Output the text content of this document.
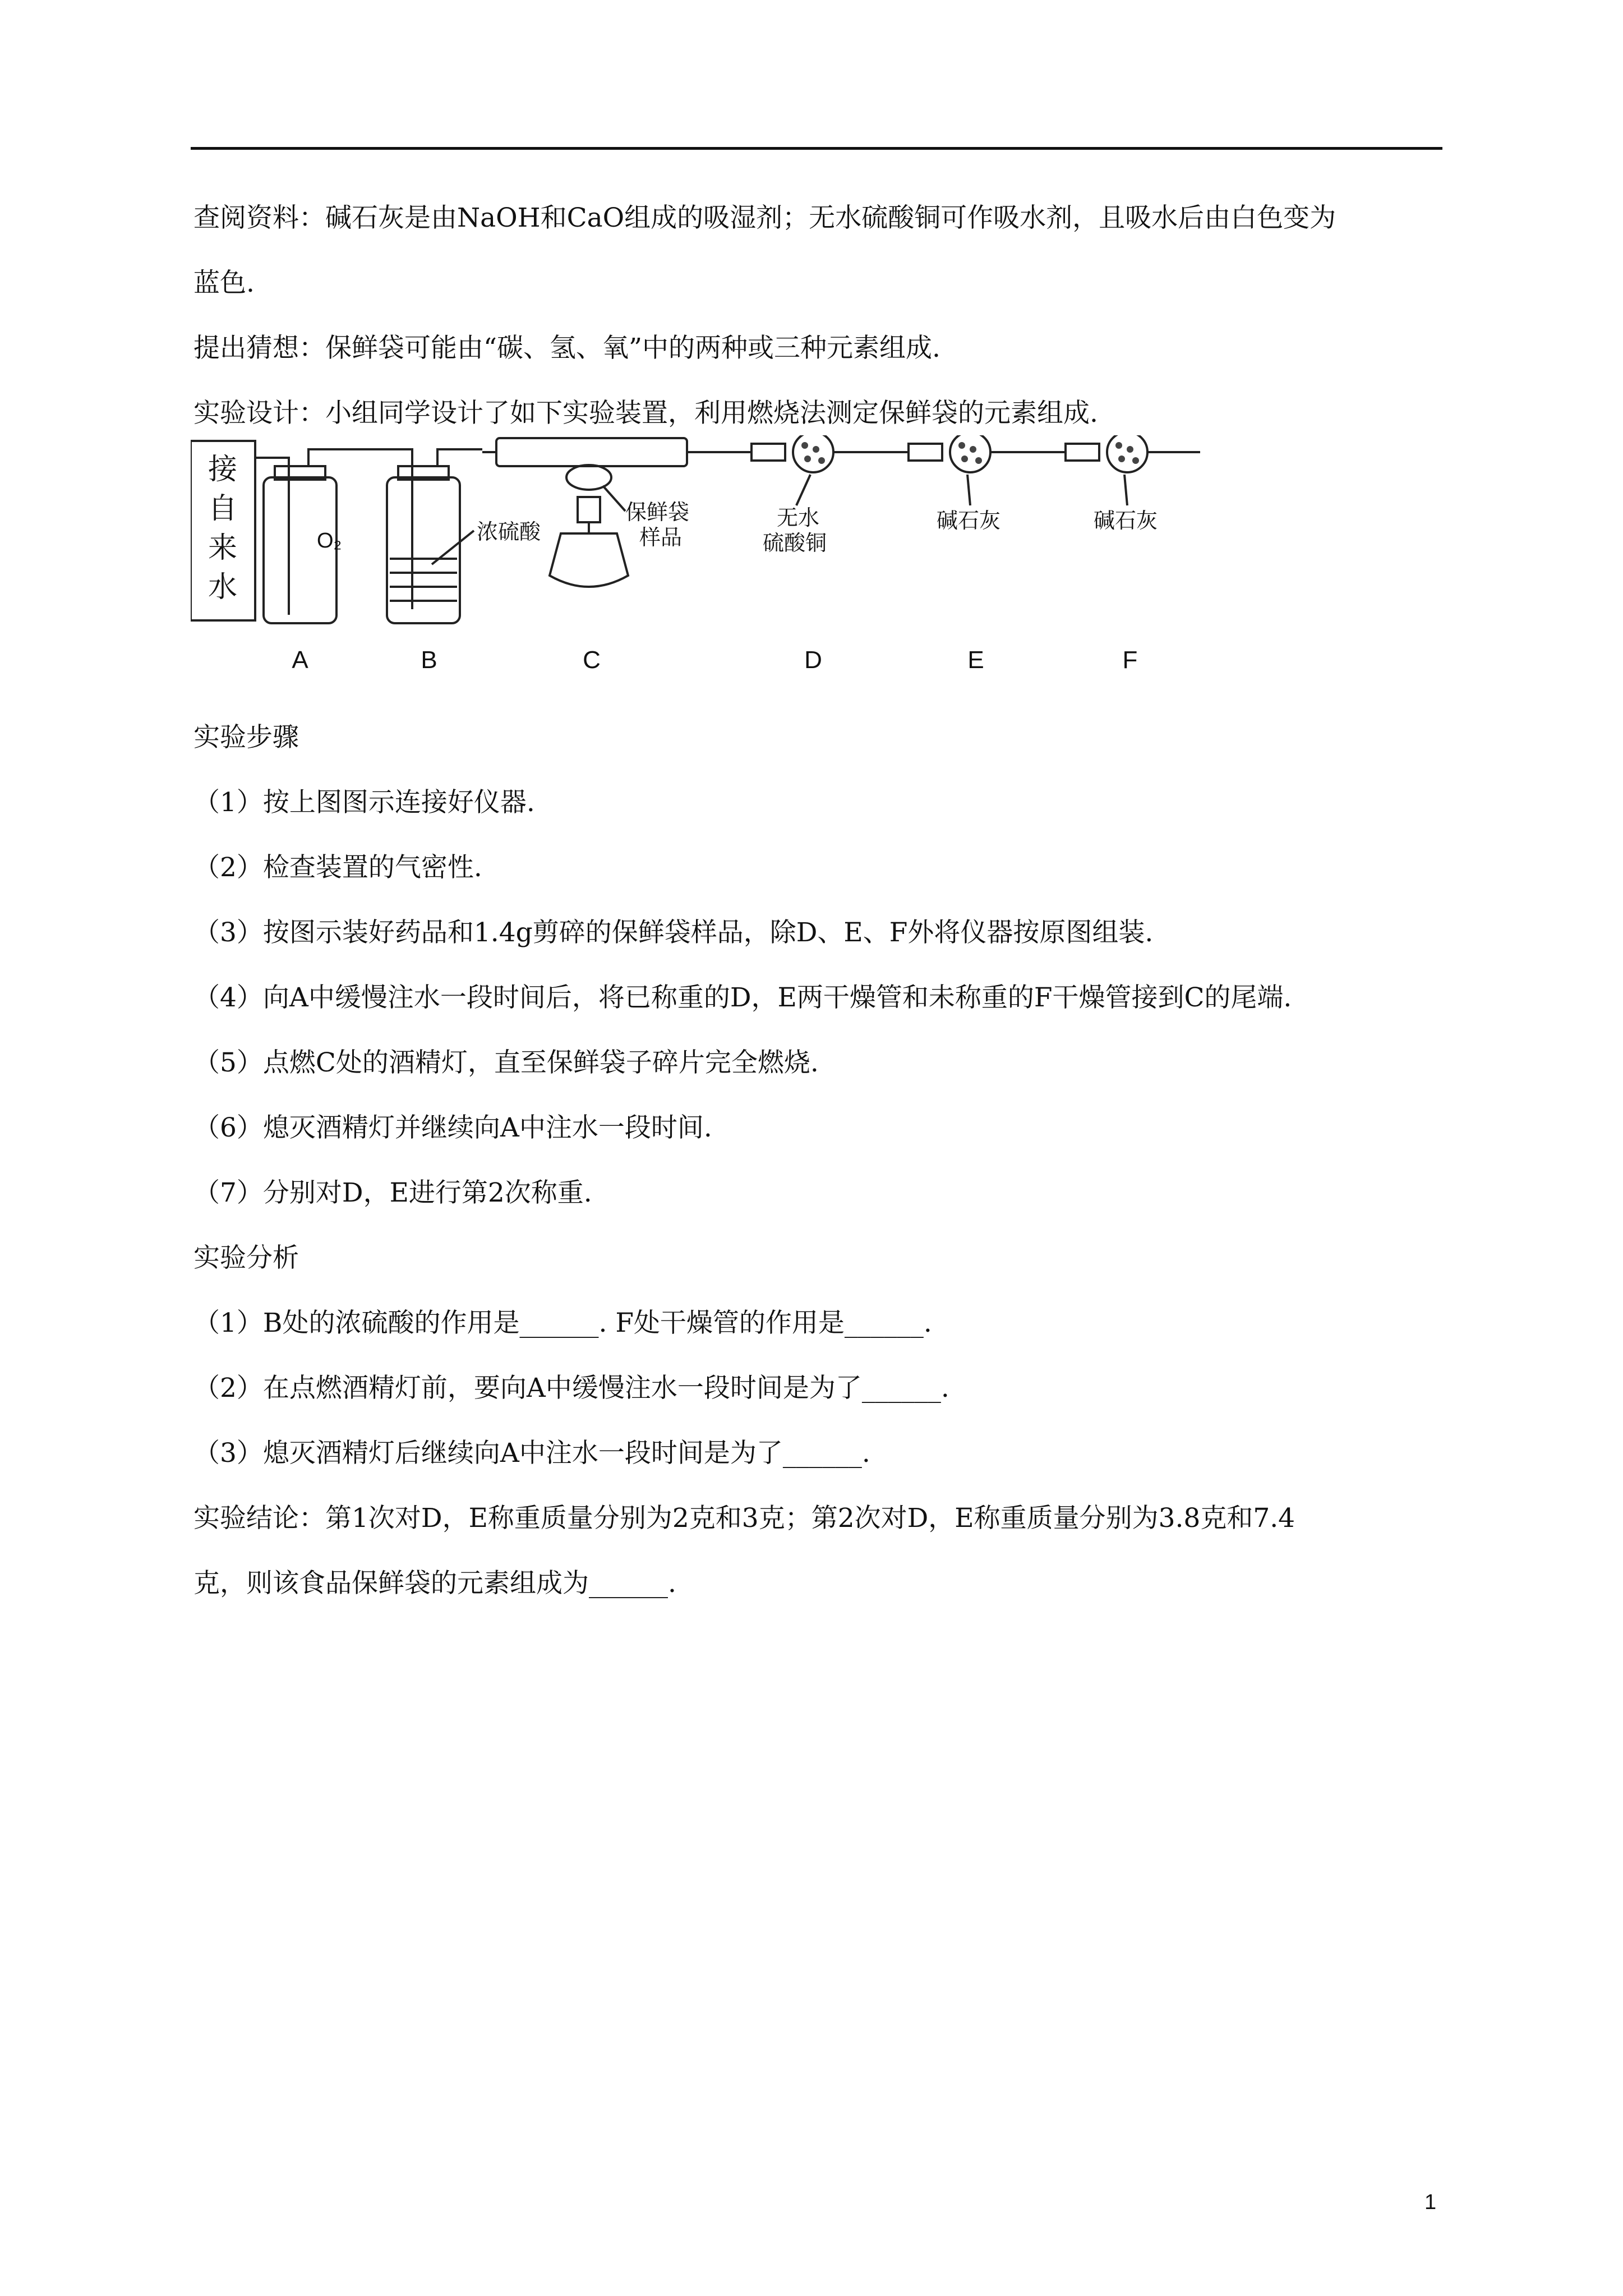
查阅资料：碱石灰是由NaOH和CaO组成的吸湿剂；无水硫酸铜可作吸水剂，且吸水后由白色变为

蓝色.

提出猜想：保鲜袋可能由“碳、氢、氧”中的两种或三种元素组成.

实验设计：小组同学设计了如下实验装置，利用燃烧法测定保鲜袋的元素组成.

接
自
来
水
O₂	浓硫酸
保鲜袋
样品
无水
硫酸铜
碱石灰	碱石灰
A	B	C	D	E	F

实验步骤

（1）按上图图示连接好仪器.

（2）检查装置的气密性.

（3）按图示装好药品和1.4g剪碎的保鲜袋样品，除D、E、F外将仪器按原图组装.

（4）向A中缓慢注水一段时间后，将已称重的D，E两干燥管和未称重的F干燥管接到C的尾端.

（5）点燃C处的酒精灯，直至保鲜袋子碎片完全燃烧.

（6）熄灭酒精灯并继续向A中注水一段时间.

（7）分别对D，E进行第2次称重.

实验分析

（1）B处的浓硫酸的作用是______. F处干燥管的作用是______.

（2）在点燃酒精灯前，要向A中缓慢注水一段时间是为了______.

（3）熄灭酒精灯后继续向A中注水一段时间是为了______.

实验结论：第1次对D，E称重质量分别为2克和3克；第2次对D，E称重质量分别为3.8克和7.4

克，则该食品保鲜袋的元素组成为______.

1
